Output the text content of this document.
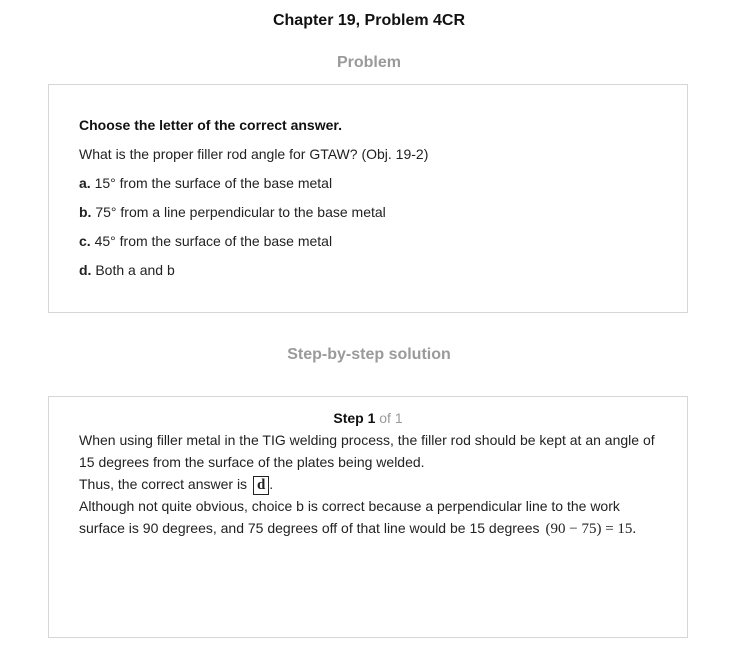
Chapter 19, Problem 4CR
Problem

Choose the letter of the correct answer.

What is the proper filler rod angle for GTAW? (Obj. 19-2)

a. 15° from the surface of the base metal

b. 75° from a line perpendicular to the base metal

c. 45° from the surface of the base metal

d. Both a and b

Step-by-step solution
Step 1 of 1

When using filler metal in the TIG welding process, the filler rod should be kept at an angle of 15 degrees from the surface of the plates being welded.

Thus, the correct answer is d .

Although not quite obvious, choice b is correct because a perpendicular line to the work surface is 90 degrees, and 75 degrees off of that line would be 15 degrees (90 − 75) = 15.
